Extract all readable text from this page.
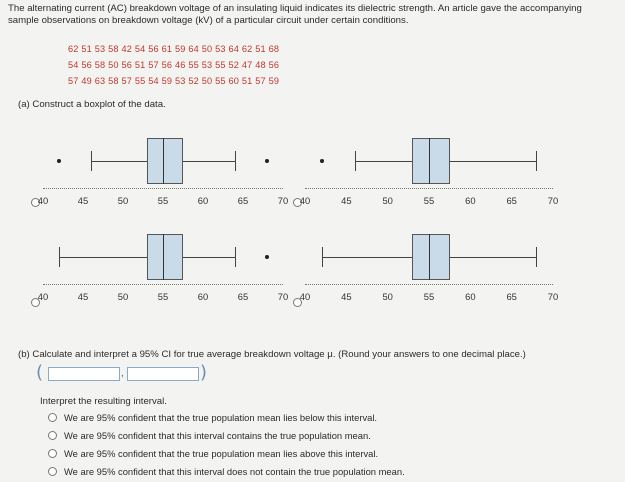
The alternating current (AC) breakdown voltage of an insulating liquid indicates its dielectric strength. An article gave the accompanying sample observations on breakdown voltage (kV) of a particular circuit under certain conditions.
62 51 53 58 42 54 56 61 59 64 50 53 64 62 51 68
54 56 58 50 56 51 57 56 46 55 53 55 52 47 48 56
57 49 63 58 57 55 54 59 53 52 50 55 60 51 57 59
(a) Construct a boxplot of the data.
40	45	50	55	60	65	70 40	45	50	55	60	65	70
40	45	50	55	60	65	70 40	45	50	55	60	65	70
(b) Calculate and interpret a 95% CI for true average breakdown voltage μ. (Round your answers to one decimal place.)
(	,	)
Interpret the resulting interval.
We are 95% confident that the true population mean lies below this interval.
We are 95% confident that this interval contains the true population mean.
We are 95% confident that the true population mean lies above this interval.
We are 95% confident that this interval does not contain the true population mean.
